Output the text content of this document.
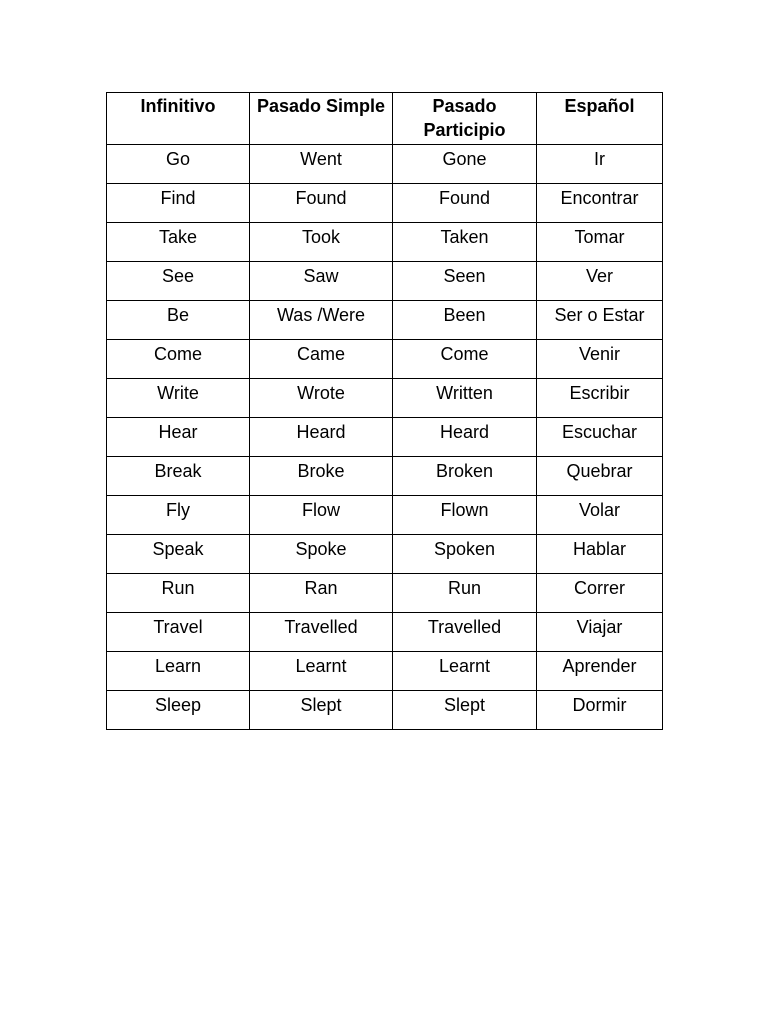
Infinitivo	Pasado Simple	Pasado Participio	Español
Go	Went	Gone	Ir
Find	Found	Found	Encontrar
Take	Took	Taken	Tomar
See	Saw	Seen	Ver
Be	Was /Were	Been	Ser o Estar
Come	Came	Come	Venir
Write	Wrote	Written	Escribir
Hear	Heard	Heard	Escuchar
Break	Broke	Broken	Quebrar
Fly	Flow	Flown	Volar
Speak	Spoke	Spoken	Hablar
Run	Ran	Run	Correr
Travel	Travelled	Travelled	Viajar
Learn	Learnt	Learnt	Aprender
Sleep	Slept	Slept	Dormir
